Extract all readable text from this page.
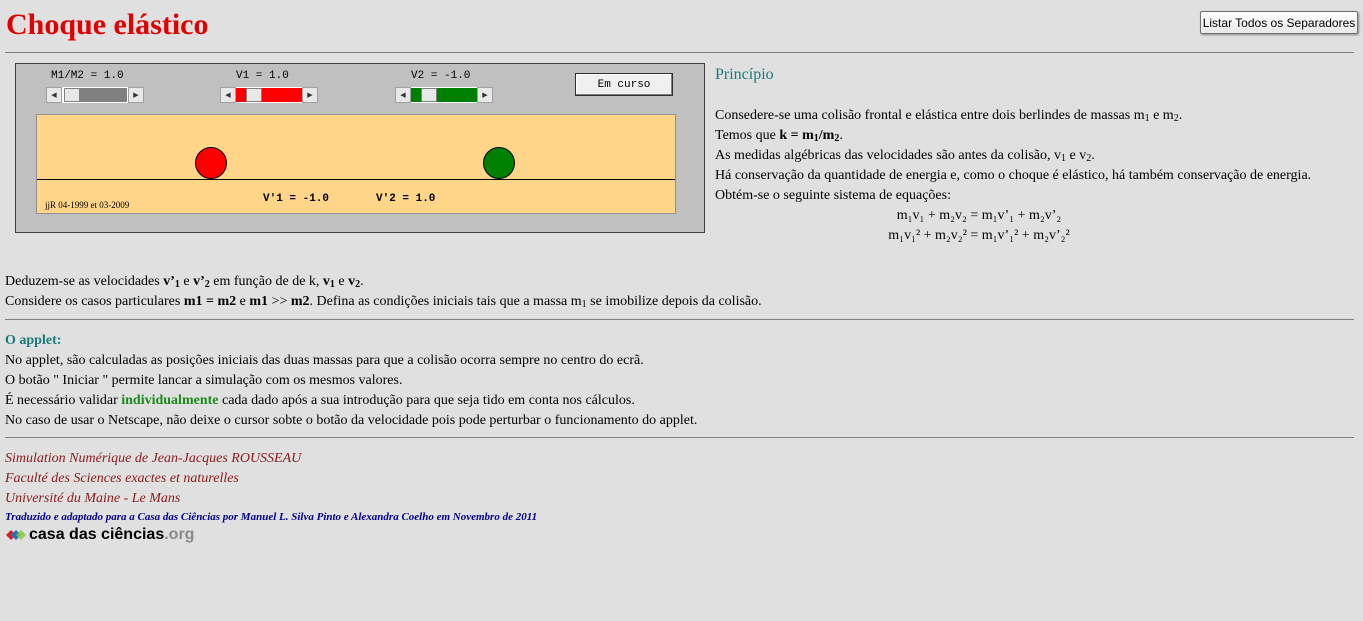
Choque elástico	Listar Todos os Separadores
M1/M2 = 1.0
◀	▶
V1 = 1.0
◀	▶
V2 = -1.0
◀	▶
Em curso
jjR 04-1999 et 03-2009	V'1 = -1.0	V'2 = 1.0
Princípio

Consedere-se uma colisão frontal e elástica entre dois berlindes de massas $m_1$ e $m_2$.

Temos que $k = m_1/m_2$.

As medidas algébricas das velocidades são antes da colisão, $v_1$ e $v_2$.

Há conservação da quantidade de energia e, como o choque é elástico, há também conservação de energia. Obtém-se o seguinte sistema de equações:

m₁v₁ + m₂v₂ = m₁v’₁ + m₂v’₂

m₁v₁² + m₂v₂² = m₁v’₁² + m₂v’₂²

Deduzem-se as velocidades $v’_1$ e $v’_2$ em função de de k, $v_1$ e $v_2$.

Considere os casos particulares m1 = m2 e m1 >> m2. Defina as condições iniciais tais que a massa $m_1$ se imobilize depois da colisão.

O applet:

No applet, são calculadas as posições iniciais das duas massas para que a colisão ocorra sempre no centro do ecrã.

O botão " Iniciar " permite lancar a simulação com os mesmos valores.

É necessário validar individualmente cada dado após a sua introdução para que seja tido em conta nos cálculos.

No caso de usar o Netscape, não deixe o cursor sobte o botão da velocidade pois pode perturbar o funcionamento do applet.

Simulation Numérique de Jean-Jacques ROUSSEAU

Faculté des Sciences exactes et naturelles

Université du Maine - Le Mans

Traduzido e adaptado para a Casa das Ciências por Manuel L. Silva Pinto e Alexandra Coelho em Novembro de 2011

casa das ciências.org
